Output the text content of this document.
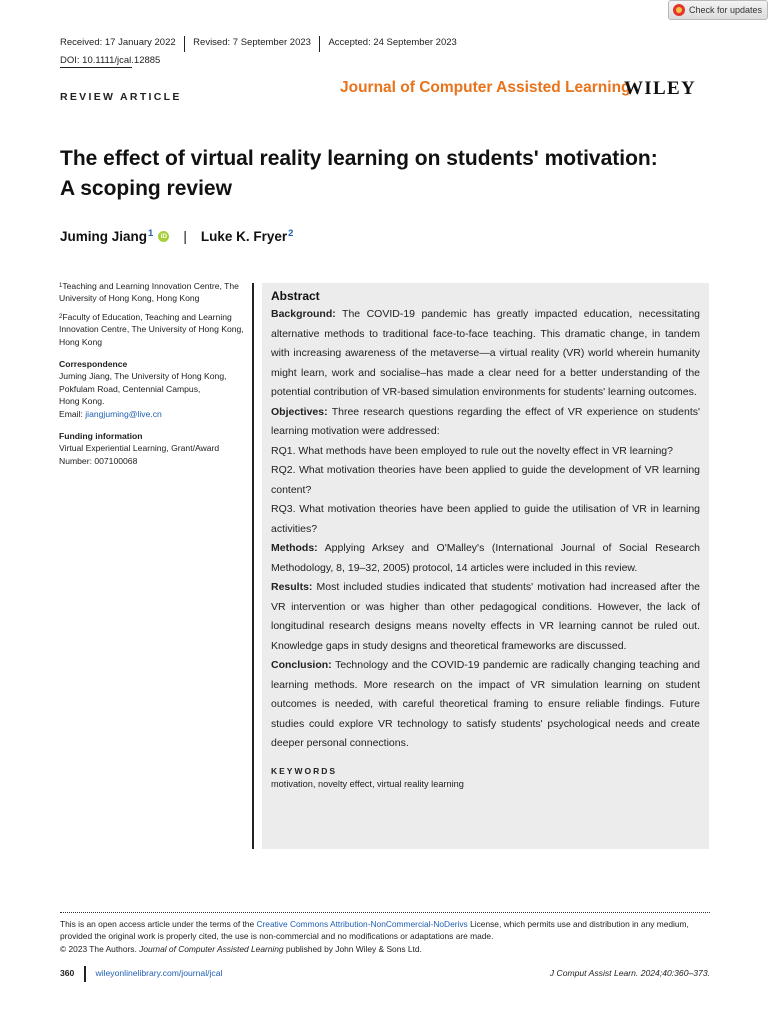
Check for updates
Received: 17 January 2022	Revised: 7 September 2023	Accepted: 24 September 2023
DOI: 10.1111/jcal.12885
REVIEW ARTICLE
Journal of Computer Assisted Learning
WILEY
The effect of virtual reality learning on students' motivation:
A scoping review
Juming Jiang$^1$	iD | Luke K. Fryer$^2$
$^1$Teaching and Learning Innovation Centre, The University of Hong Kong, Hong Kong
$^2$Faculty of Education, Teaching and Learning Innovation Centre, The University of Hong Kong, Hong Kong
Correspondence
Juming Jiang, The University of Hong Kong,
Pokfulam Road, Centennial Campus,
Hong Kong.
Email: jiangjuming@live.cn
Funding information
Virtual Experiential Learning, Grant/Award Number: 007100068
Abstract

Background: The COVID-19 pandemic has greatly impacted education, necessitating alternative methods to traditional face-to-face teaching. This dramatic change, in tandem with increasing awareness of the metaverse—a virtual reality (VR) world wherein humanity might learn, work and socialise–has made a clear need for a better understanding of the potential contribution of VR-based simulation environments for students' learning outcomes.

Objectives: Three research questions regarding the effect of VR experience on students' learning motivation were addressed:

RQ1. What methods have been employed to rule out the novelty effect in VR learning?

RQ2. What motivation theories have been applied to guide the development of VR learning content?

RQ3. What motivation theories have been applied to guide the utilisation of VR in learning activities?

Methods: Applying Arksey and O'Malley's (International Journal of Social Research Methodology, 8, 19–32, 2005) protocol, 14 articles were included in this review.

Results: Most included studies indicated that students' motivation had increased after the VR intervention or was higher than other pedagogical conditions. However, the lack of longitudinal research designs means novelty effects in VR learning cannot be ruled out. Knowledge gaps in study designs and theoretical frameworks are discussed.

Conclusion: Technology and the COVID-19 pandemic are radically changing teaching and learning methods. More research on the impact of VR simulation learning on student outcomes is needed, with careful theoretical framing to ensure reliable findings. Future studies could explore VR technology to satisfy students' psychological needs and create deeper personal connections.

KEYWORDS
motivation, novelty effect, virtual reality learning
This is an open access article under the terms of the Creative Commons Attribution-NonCommercial-NoDerivs License, which permits use and distribution in any medium, provided the original work is properly cited, the use is non-commercial and no modifications or adaptations are made.
© 2023 The Authors. Journal of Computer Assisted Learning published by John Wiley & Sons Ltd.
360	wileyonlinelibrary.com/journal/jcal	J Comput Assist Learn. 2024;40:360–373.
